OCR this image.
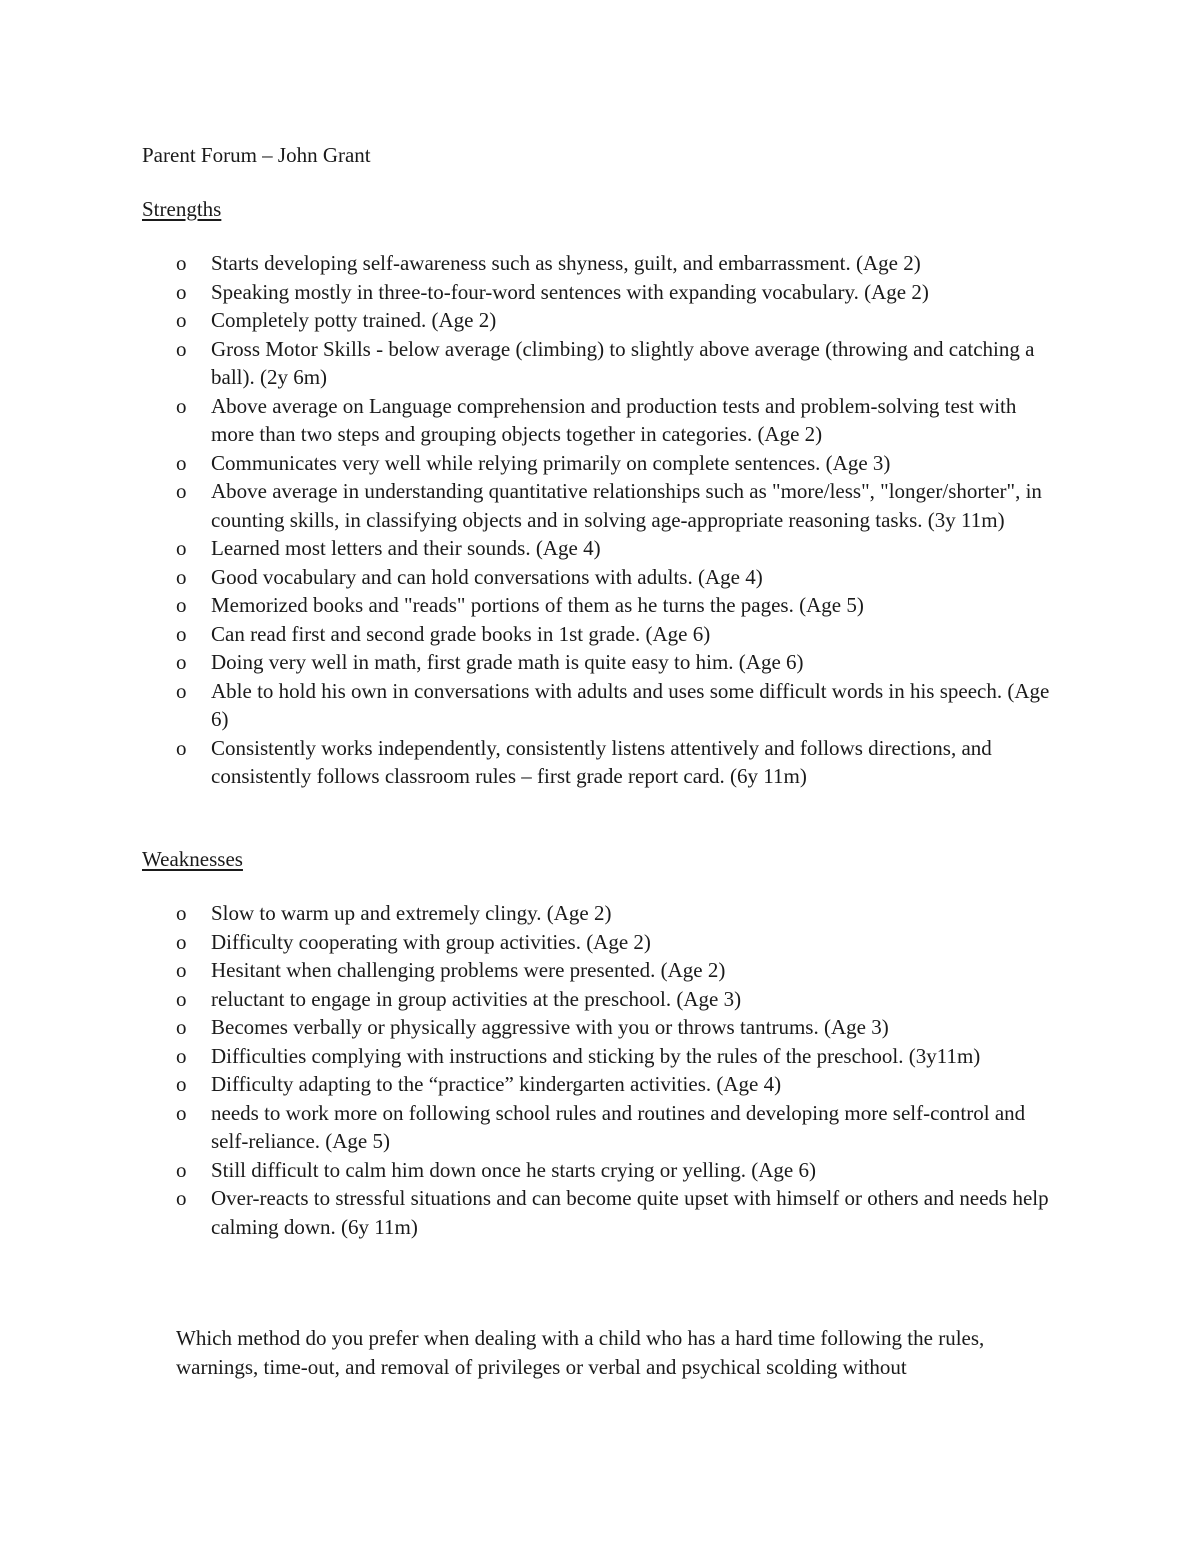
Parent Forum – John Grant
Strengths
o	Starts developing self-awareness such as shyness, guilt, and embarrassment. (Age 2)
o	Speaking mostly in three-to-four-word sentences with expanding vocabulary. (Age 2)
o	Completely potty trained. (Age 2)
o	Gross Motor Skills - below average (climbing) to slightly above average (throwing and catching a ball). (2y 6m)
o	Above average on Language comprehension and production tests and problem-solving test with more than two steps and grouping objects together in categories. (Age 2)
o	Communicates very well while relying primarily on complete sentences. (Age 3)
o	Above average in understanding quantitative relationships such as "more/less", "longer/shorter", in counting skills, in classifying objects and in solving age-appropriate reasoning tasks. (3y 11m)
o	Learned most letters and their sounds. (Age 4)
o	Good vocabulary and can hold conversations with adults. (Age 4)
o	Memorized books and "reads" portions of them as he turns the pages. (Age 5)
o	Can read first and second grade books in 1st grade. (Age 6)
o	Doing very well in math, first grade math is quite easy to him. (Age 6)
o	Able to hold his own in conversations with adults and uses some difficult words in his speech. (Age 6)
o	Consistently works independently, consistently listens attentively and follows directions, and consistently follows classroom rules – first grade report card. (6y 11m)
Weaknesses
o	Slow to warm up and extremely clingy. (Age 2)
o	Difficulty cooperating with group activities. (Age 2)
o	Hesitant when challenging problems were presented. (Age 2)
o	reluctant to engage in group activities at the preschool. (Age 3)
o	Becomes verbally or physically aggressive with you or throws tantrums. (Age 3)
o	Difficulties complying with instructions and sticking by the rules of the preschool. (3y11m)
o	Difficulty adapting to the “practice” kindergarten activities. (Age 4)
o	needs to work more on following school rules and routines and developing more self-control and self-reliance. (Age 5)
o	Still difficult to calm him down once he starts crying or yelling. (Age 6)
o	Over-reacts to stressful situations and can become quite upset with himself or others and needs help calming down. (6y 11m)
Which method do you prefer when dealing with a child who has a hard time following the rules, warnings, time-out, and removal of privileges or verbal and psychical scolding without
